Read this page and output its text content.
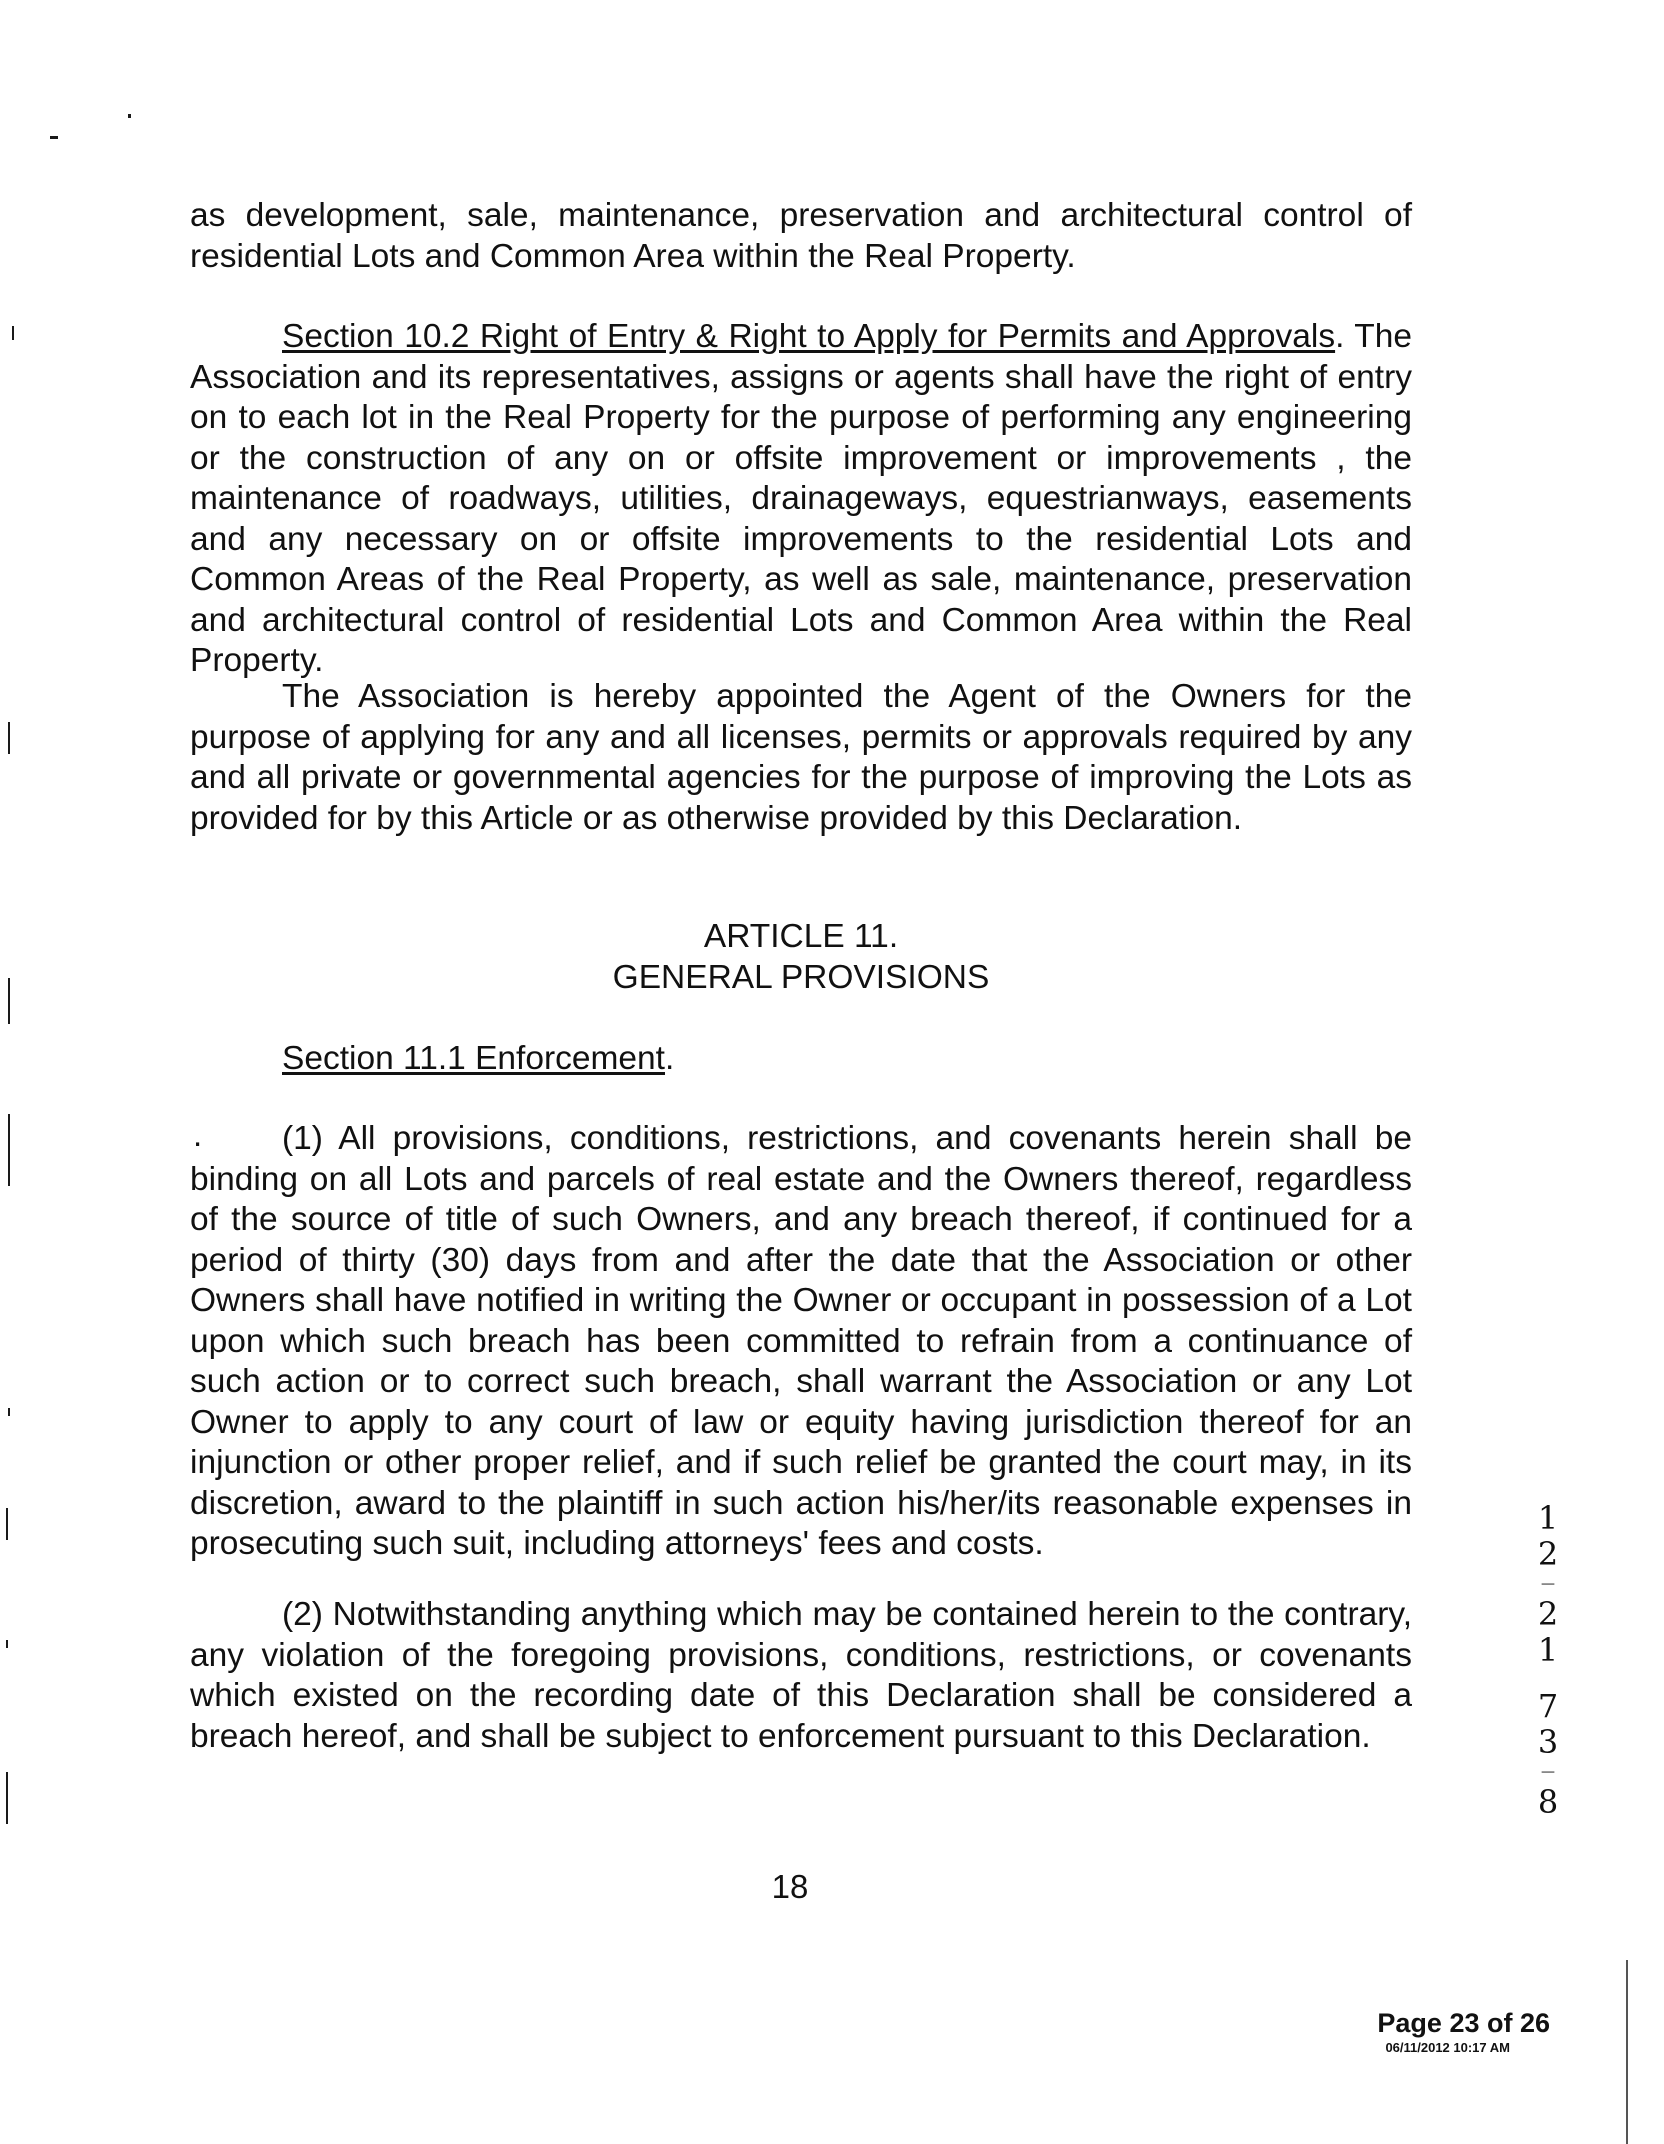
as development, sale, maintenance, preservation and architectural control of residential Lots and Common Area within the Real Property.

Section 10.2 Right of Entry & Right to Apply for Permits and Approvals. The Association and its representatives, assigns or agents shall have the right of entry on to each lot in the Real Property for the purpose of performing any engineering or the construction of any on or offsite improvement or improvements , the maintenance of roadways, utilities, drainageways, equestrianways, easements and any necessary on or offsite improvements to the residential Lots and Common Areas of the Real Property, as well as sale, maintenance, preservation and architectural control of residential Lots and Common Area within the Real Property.

The Association is hereby appointed the Agent of the Owners for the purpose of applying for any and all licenses, permits or approvals required by any and all private or governmental agencies for the purpose of improving the Lots as provided for by this Article or as otherwise provided by this Declaration.

ARTICLE 11.
GENERAL PROVISIONS

Section 11.1 Enforcement.

.	(1) All provisions, conditions, restrictions, and covenants herein shall be binding on all Lots and parcels of real estate and the Owners thereof, regardless of the source of title of such Owners, and any breach thereof, if continued for a period of thirty (30) days from and after the date that the Association or other Owners shall have notified in writing the Owner or occupant in possession of a Lot upon which such breach has been committed to refrain from a continuance of such action or to correct such breach, shall warrant the Association or any Lot Owner to apply to any court of law or equity having jurisdiction thereof for an injunction or other proper relief, and if such relief be granted the court may, in its discretion, award to the plaintiff in such action his/her/its reasonable expenses in prosecuting such suit, including attorneys' fees and costs.

(2) Notwithstanding anything which may be contained herein to the contrary, any violation of the foregoing provisions, conditions, restrictions, or covenants which existed on the recording date of this Declaration shall be considered a breach hereof, and shall be subject to enforcement pursuant to this Declaration.

18

1
2
—
2
1
7
3
—
8

Page 23 of 26

06/11/2012 10:17 AM
